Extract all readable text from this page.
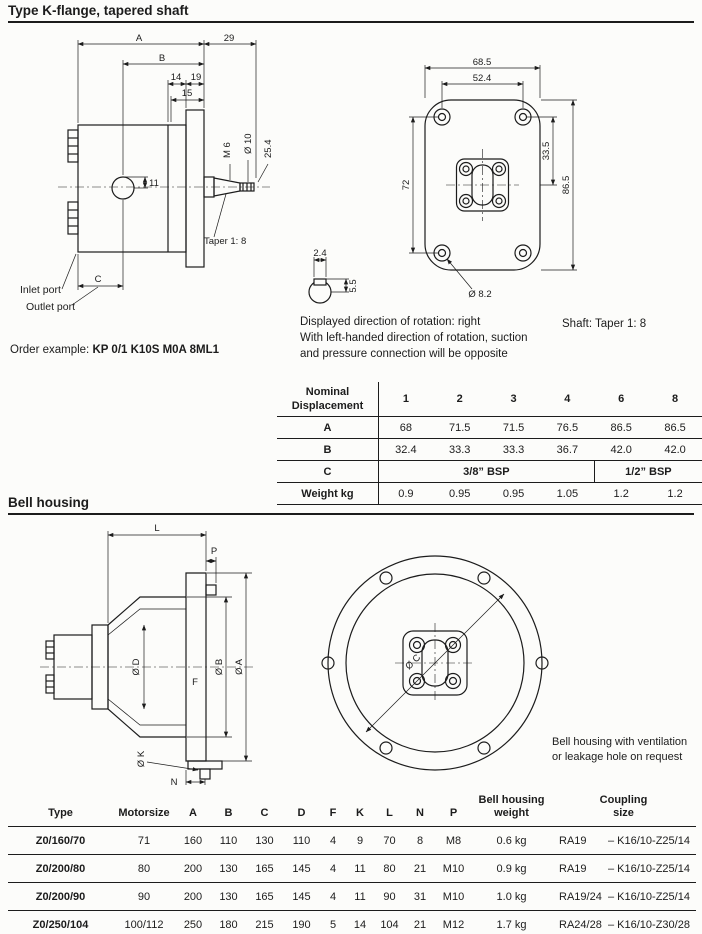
Type K-flange, tapered shaft
A	29
B
14 19
15
11
M 6 Ø 10 25.4
Taper 1: 8
C
Inlet port
Outlet port
68.5
52.4
72
33.5
86.5
Ø 8.2
2.4
5.5
Displayed direction of rotation: right
With left-handed direction of rotation, suction
and pressure connection will be opposite
Shaft: Taper 1: 8
Order example: KP 0/1 K10S M0A 8ML1
Nominal
Displacement	1	2	3	4	6	8
A	68	71.5	71.5	76.5	86.5	86.5
B	32.4	33.3	33.3	36.7	42.0	42.0
C	3/8” BSP				1/2” BSP	
Weight kg	0.9	0.95	0.95	1.05	1.2	1.2
Bell housing
L
P
Ø B Ø A
Ø D
F
Ø K
N
Ø C
Bell housing with ventilation
or leakage hole on request
Type	Motorsize	A	B	C	D	F	K	L	N	P	
Bell housing
weight

Coupling
size

Z0/160/70	71	160	110	130	110	4	9	70	8	M8	0.6 kg	RA19	– K16/10-Z25/14
Z0/200/80	80	200	130	165	145	4	11	80	21	M10	0.9 kg	RA19	– K16/10-Z25/14
Z0/200/90	90	200	130	165	145	4	11	90	31	M10	1.0 kg	RA19/24	– K16/10-Z25/14
Z0/250/104	100/112	250	180	215	190	5	14	104	21	M12	1.7 kg	RA24/28	– K16/10-Z30/28
